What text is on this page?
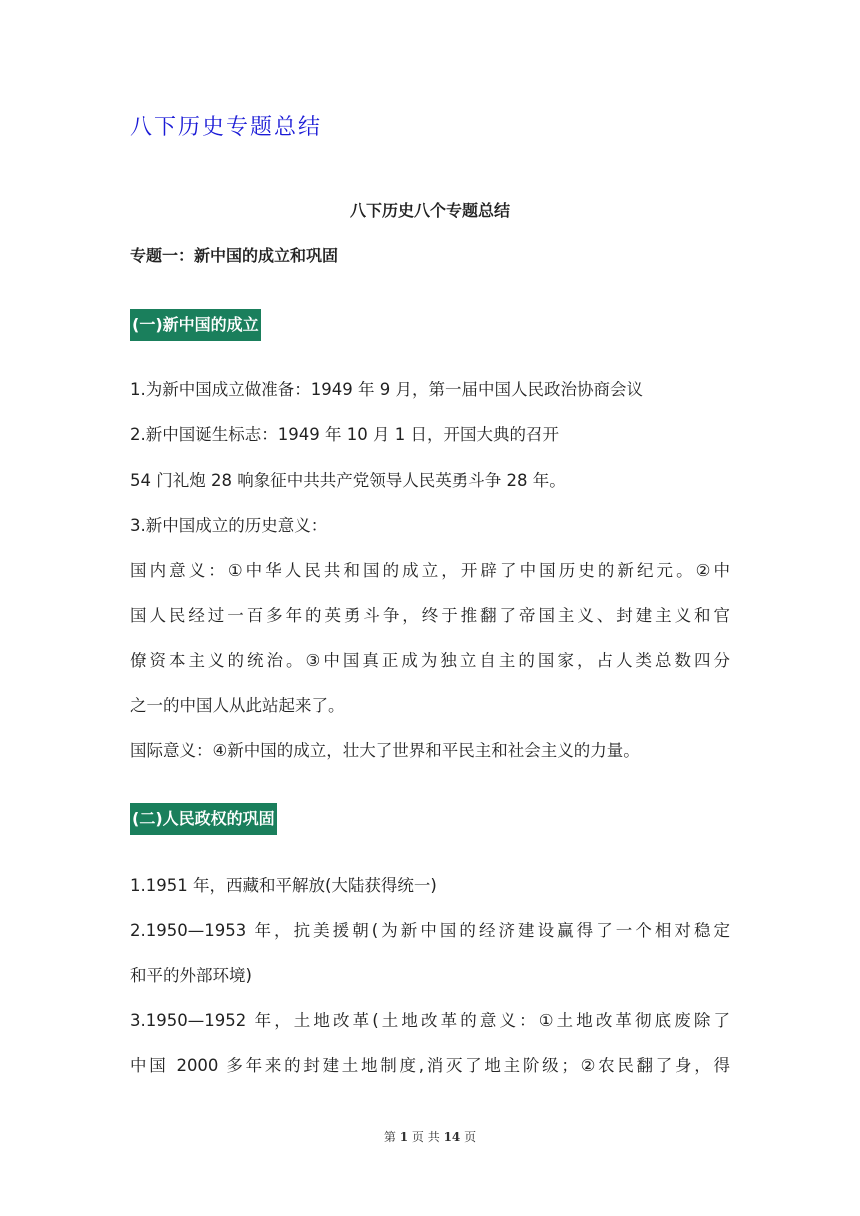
八下历史专题总结
八下历史八个专题总结
专题一：新中国的成立和巩固
(一)新中国的成立
1.为新中国成立做准备：1949 年 9 月，第一届中国人民政治协商会议
2.新中国诞生标志：1949 年 10 月 1 日，开国大典的召开
54 门礼炮 28 响象征中共共产党领导人民英勇斗争 28 年。
3.新中国成立的历史意义：
国内意义：①中华人民共和国的成立，开辟了中国历史的新纪元。②中
国人民经过一百多年的英勇斗争，终于推翻了帝国主义、封建主义和官
僚资本主义的统治。③中国真正成为独立自主的国家，占人类总数四分
之一的中国人从此站起来了。
国际意义：④新中国的成立，壮大了世界和平民主和社会主义的力量。
(二)人民政权的巩固
1.1951 年，西藏和平解放(大陆获得统一)
2.1950—1953 年，抗美援朝(为新中国的经济建设赢得了一个相对稳定
和平的外部环境)
3.1950—1952 年，土地改革(土地改革的意义：①土地改革彻底废除了
中国 2000 多年来的封建土地制度,消灭了地主阶级；②农民翻了身，得
第 1 页 共 14 页
